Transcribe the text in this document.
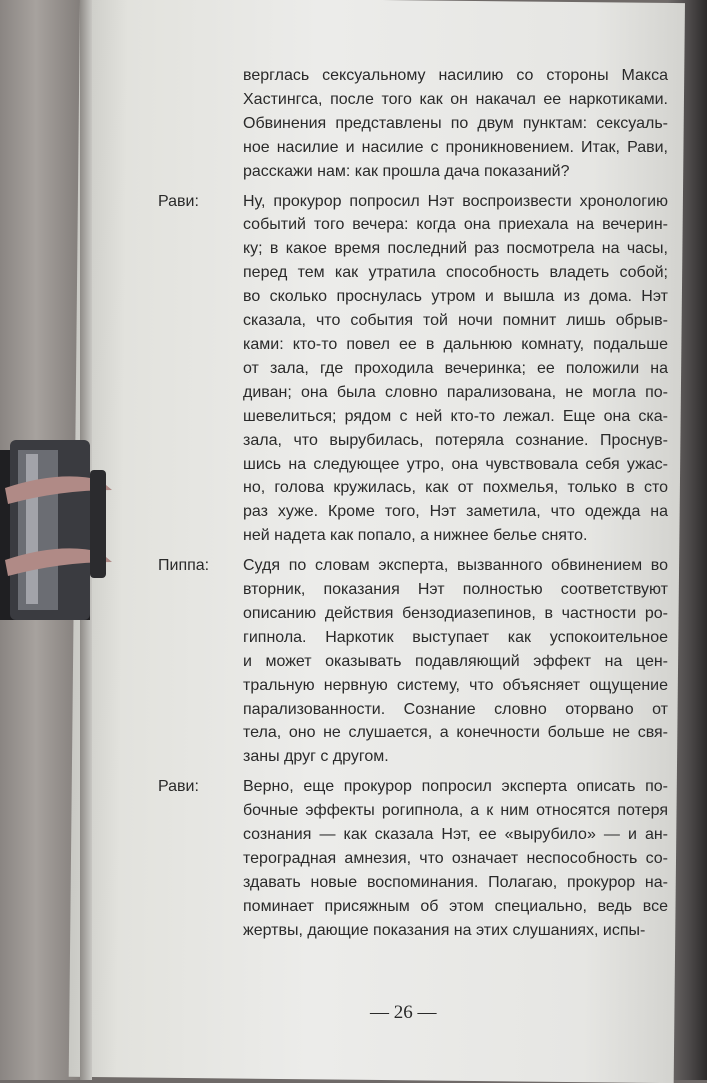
верглась сексуальному насилию со стороны Макса
Хастингса, после того как он накачал ее наркотиками.
Обвинения представлены по двум пунктам: сексуаль-
ное насилие и насилие с проникновением. Итак, Рави,
расскажи нам: как прошла дача показаний?
Рави:	Ну, прокурор попросил Нэт воспроизвести хронологию
событий того вечера: когда она приехала на вечерин-
ку; в какое время последний раз посмотрела на часы,
перед тем как утратила способность владеть собой;
во сколько проснулась утром и вышла из дома. Нэт
сказала, что события той ночи помнит лишь обрыв-
ками: кто-то повел ее в дальнюю комнату, подальше
от зала, где проходила вечеринка; ее положили на
диван; она была словно парализована, не могла по-
шевелиться; рядом с ней кто-то лежал. Еще она ска-
зала, что вырубилась, потеряла сознание. Проснув-
шись на следующее утро, она чувствовала себя ужас-
но, голова кружилась, как от похмелья, только в сто
раз хуже. Кроме того, Нэт заметила, что одежда на
ней надета как попало, а нижнее белье снято.
Пиппа:	Судя по словам эксперта, вызванного обвинением во
вторник, показания Нэт полностью соответствуют
описанию действия бензодиазепинов, в частности ро-
гипнола. Наркотик выступает как успокоительное
и может оказывать подавляющий эффект на цен-
тральную нервную систему, что объясняет ощущение
парализованности. Сознание словно оторвано от
тела, оно не слушается, а конечности больше не свя-
заны друг с другом.
Рави:	Верно, еще прокурор попросил эксперта описать по-
бочные эффекты рогипнола, а к ним относятся потеря
сознания — как сказала Нэт, ее «вырубило» — и ан-
тероградная амнезия, что означает неспособность со-
здавать новые воспоминания. Полагаю, прокурор на-
поминает присяжным об этом специально, ведь все
жертвы, дающие показания на этих слушаниях, испы-
— 26 —
